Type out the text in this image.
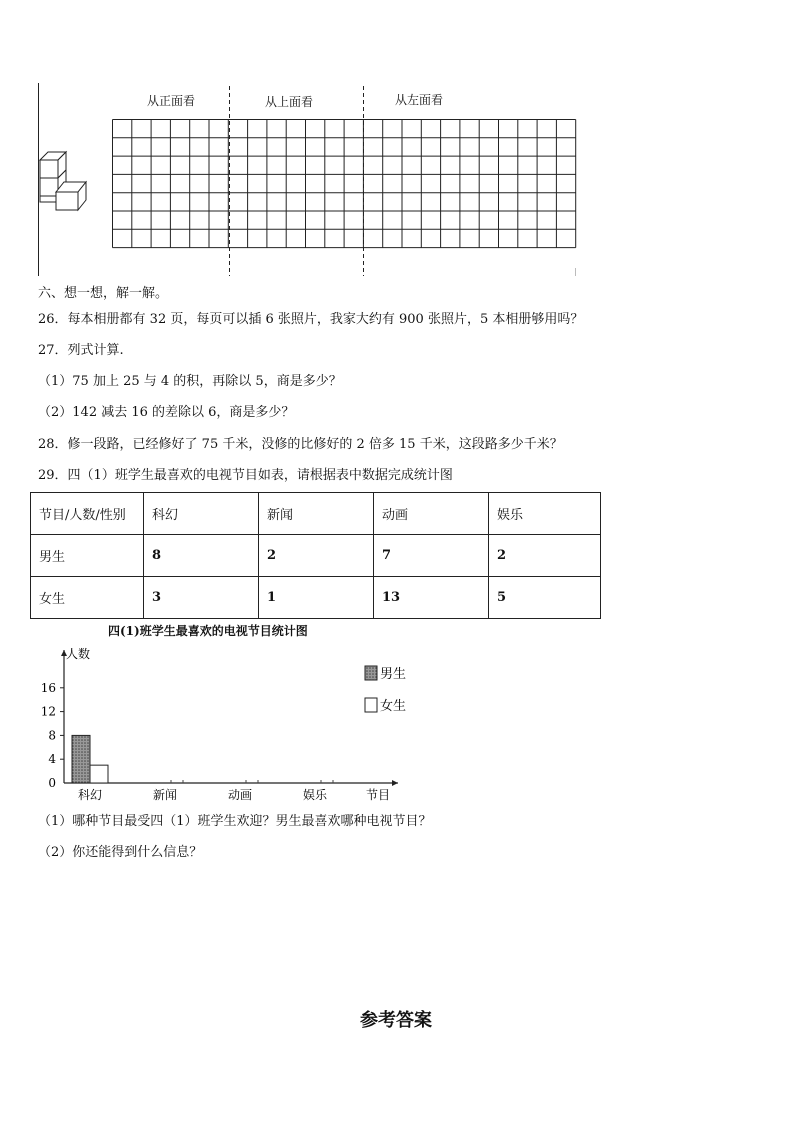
从正面看	从上面看	从左面看
六、想一想，解一解。
26．每本相册都有 32 页，每页可以插 6 张照片，我家大约有 900 张照片，5 本相册够用吗？
27．列式计算.
（1）75 加上 25 与 4 的积，再除以 5，商是多少？
（2）142 减去 16 的差除以 6，商是多少？
28．修一段路，已经修好了 75 千米，没修的比修好的 2 倍多 15 千米，这段路多少千米？
29．四（1）班学生最喜欢的电视节目如表，请根据表中数据完成统计图
节目/人数/性别	科幻	新闻	动画	娱乐
男生	8	2	7	2
女生	3	1	13	5
四(1)班学生最喜欢的电视节目统计图
人数
0
4
8
12
16
科幻	新闻	动画	娱乐	节目
男生
女生
（1）哪种节目最受四（1）班学生欢迎？男生最喜欢哪种电视节目？
（2）你还能得到什么信息？
参考答案
